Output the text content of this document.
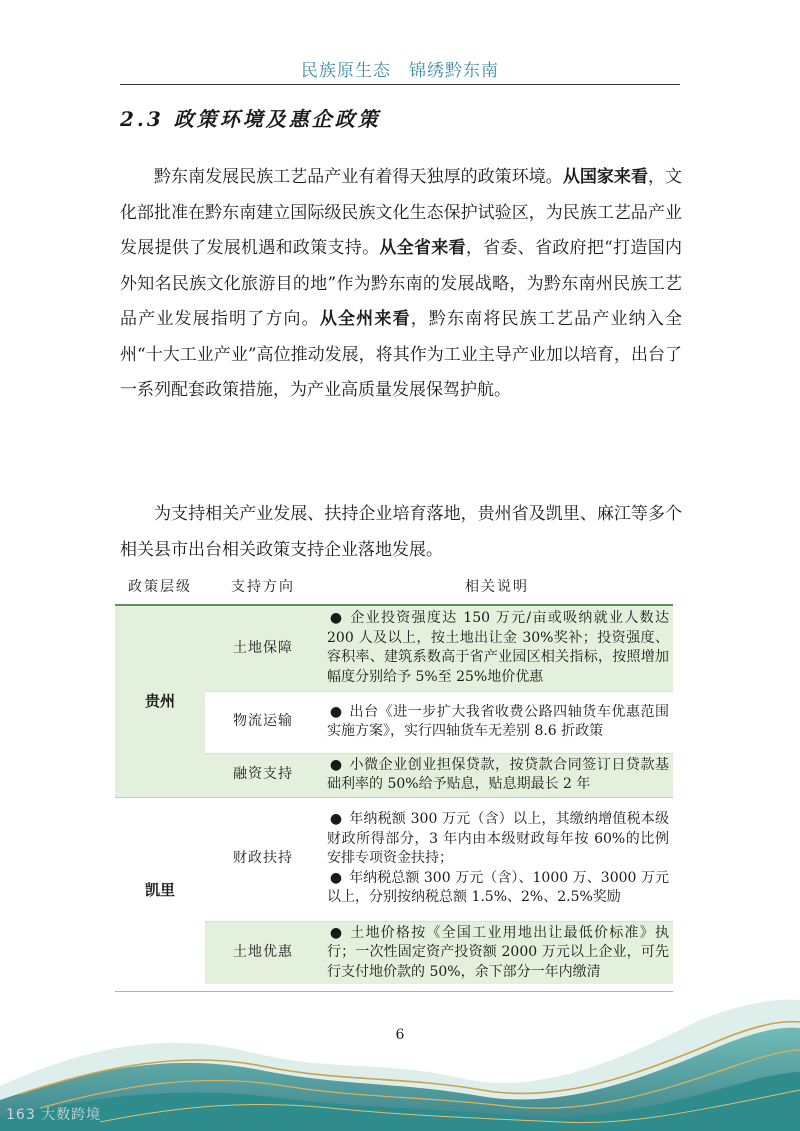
民族原生态　锦绣黔东南
2.3 政策环境及惠企政策

黔东南发展民族工艺品产业有着得天独厚的政策环境。从国家来看，文化部批准在黔东南建立国际级民族文化生态保护试验区，为民族工艺品产业发展提供了发展机遇和政策支持。从全省来看，省委、省政府把“打造国内外知名民族文化旅游目的地”作为黔东南的发展战略，为黔东南州民族工艺品产业发展指明了方向。从全州来看，黔东南将民族工艺品产业纳入全州“十大工业产业”高位推动发展，将其作为工业主导产业加以培育，出台了一系列配套政策措施，为产业高质量发展保驾护航。

为支持相关产业发展、扶持企业培育落地，贵州省及凯里、麻江等多个相关县市出台相关政策支持企业落地发展。

政策层级	支持方向	相关说明
贵州	土地保障	● 企业投资强度达 150 万元/亩或吸纳就业人数达 200 人及以上，按土地出让金 30%奖补；投资强度、容积率、建筑系数高于省产业园区相关指标，按照增加幅度分别给予 5%至 25%地价优惠

	物流运输	● 出台《进一步扩大我省收费公路四轴货车优惠范围实施方案》，实行四轴货车无差别 8.6 折政策

	融资支持	● 小微企业创业担保贷款，按贷款合同签订日贷款基础利率的 50%给予贴息，贴息期最长 2 年

凯里	财政扶持	● 年纳税额 300 万元（含）以上，其缴纳增值税本级财政所得部分，3 年内由本级财政每年按 60%的比例安排专项资金扶持；

● 年纳税总额 300 万元（含）、1000 万、3000 万元以上，分别按纳税总额 1.5%、2%、2.5%奖励

	土地优惠	● 土地价格按《全国工业用地出让最低价标准》执行；一次性固定资产投资额 2000 万元以上企业，可先行支付地价款的 50%，余下部分一年内缴清

6
163 大数跨境
